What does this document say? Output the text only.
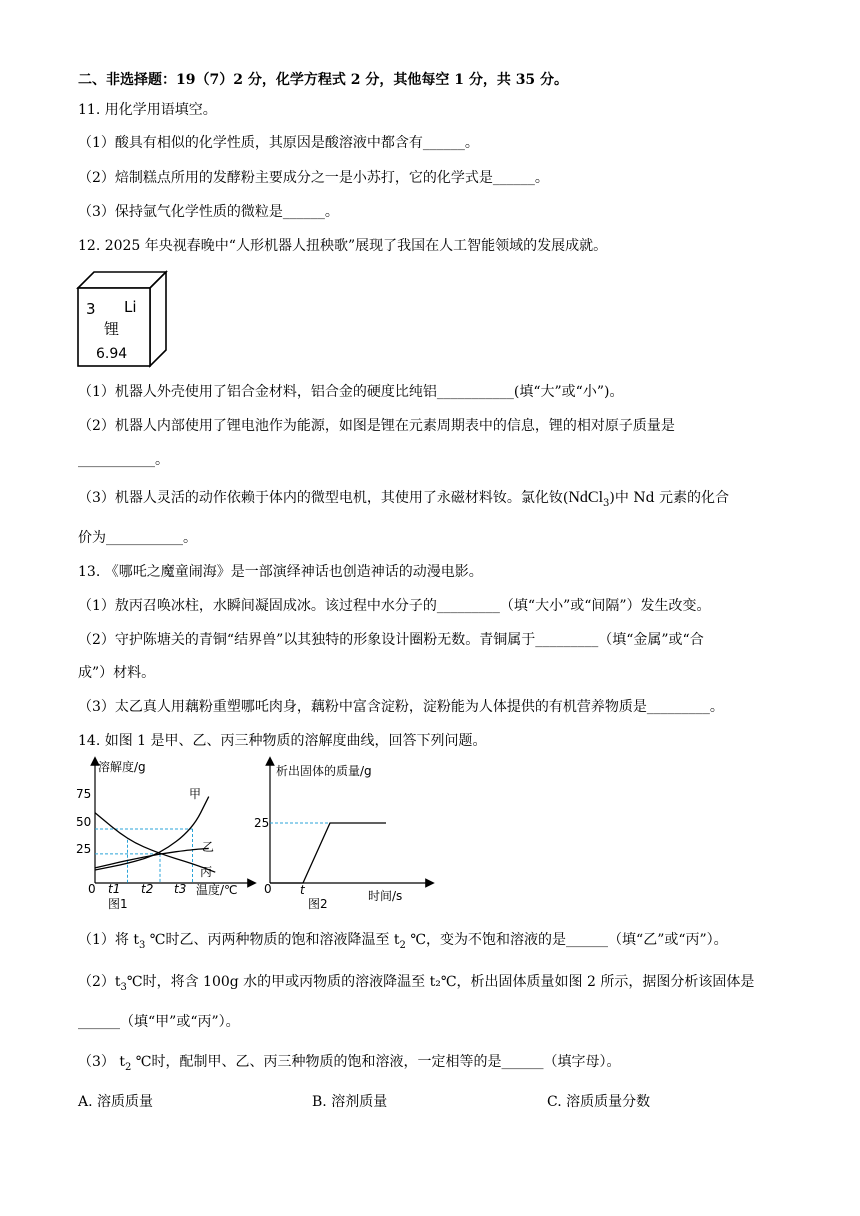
二、非选择题：19（7）2 分，化学方程式 2 分，其他每空 1 分，共 35 分。
11. 用化学用语填空。
（1）酸具有相似的化学性质，其原因是酸溶液中都含有______。
（2）焙制糕点所用的发酵粉主要成分之一是小苏打，它的化学式是______。
（3）保持氩气化学性质的微粒是______。
12. 2025 年央视春晚中“人形机器人扭秧歌”展现了我国在人工智能领域的发展成就。
3 Li
锂
6.94
（1）机器人外壳使用了铝合金材料，铝合金的硬度比纯铝___________(填“大”或“小”)。
（2）机器人内部使用了锂电池作为能源，如图是锂在元素周期表中的信息，锂的相对原子质量是
___________。
（3）机器人灵活的动作依赖于体内的微型电机，其使用了永磁材料钕。氯化钕(NdCl$_3$)中 Nd 元素的化合
价为___________。
13. 《哪吒之魔童闹海》是一部演绎神话也创造神话的动漫电影。
（1）敖丙召唤冰柱，水瞬间凝固成冰。该过程中水分子的_________（填“大小”或“间隔”）发生改变。
（2）守护陈塘关的青铜“结界兽”以其独特的形象设计圈粉无数。青铜属于_________（填“金属”或“合
成”）材料。
（3）太乙真人用藕粉重塑哪吒肉身，藕粉中富含淀粉，淀粉能为人体提供的有机营养物质是_________。
14. 如图 1 是甲、乙、丙三种物质的溶解度曲线，回答下列问题。
溶解度/g
0
25
50
75
t1 t2 t3 温度/℃
甲
乙
丙
图1
析出固体的质量/g
25
0 t	时间/s
图2
（1）将 $t_3$ ℃时乙、丙两种物质的饱和溶液降温至 $t_2$ ℃，变为不饱和溶液的是______（填“乙”或“丙”）。
$(2)t_3℃$时，将含 100g 水的甲或丙物质的溶液降温至 t₂℃，析出固体质量如图 2 所示，据图分析该固体是
______（填“甲”或“丙”）。
（3） $t_2$ ℃时，配制甲、乙、丙三种物质的饱和溶液，一定相等的是______（填字母）。
A. 溶质质量	B. 溶剂质量	C. 溶质质量分数
